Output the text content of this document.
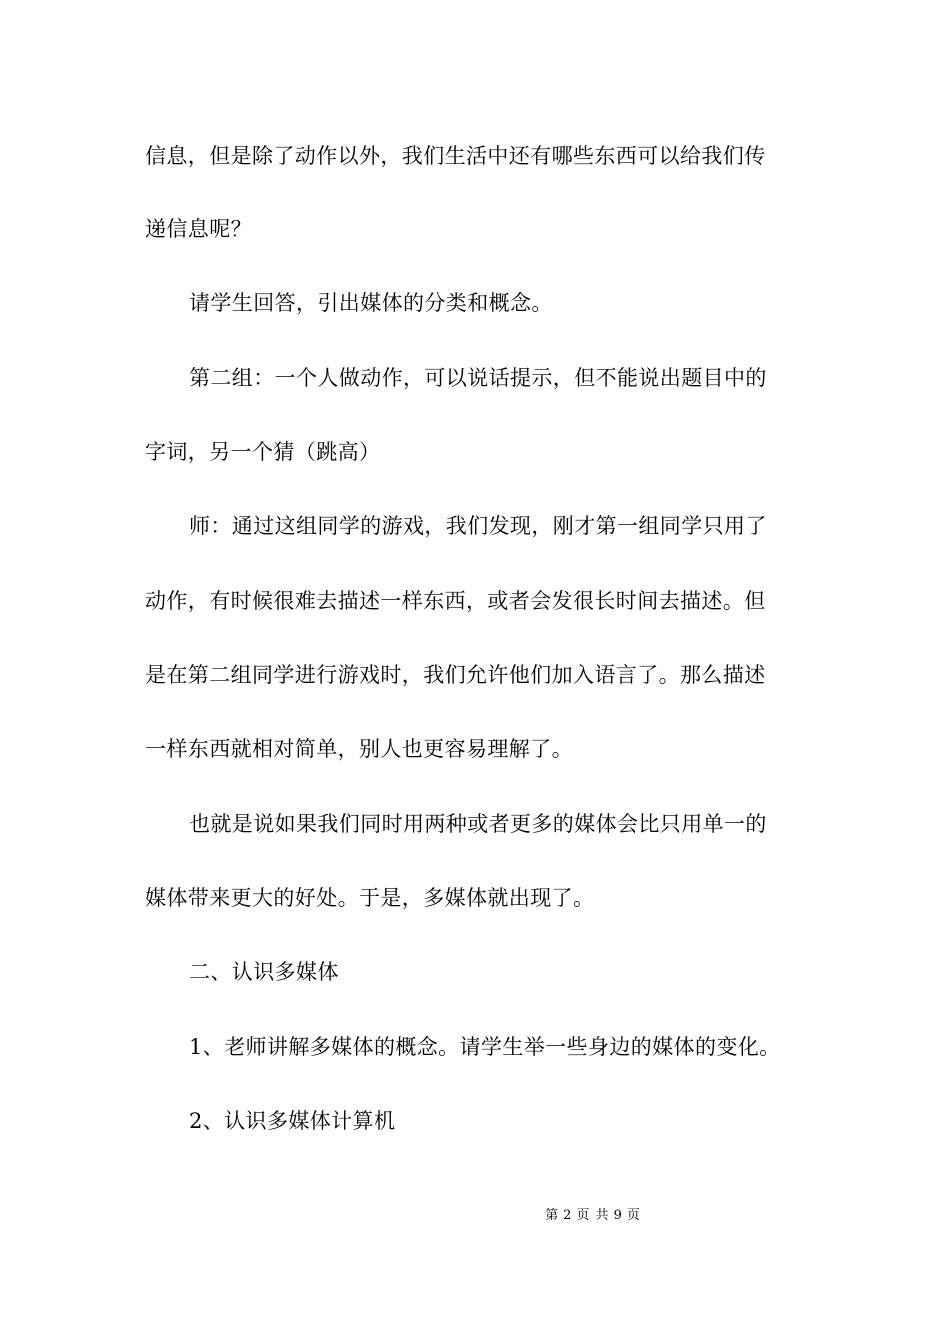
信息，但是除了动作以外，我们生活中还有哪些东西可以给我们传
递信息呢？
请学生回答，引出媒体的分类和概念。
第二组：一个人做动作，可以说话提示，但不能说出题目中的
字词，另一个猜（跳高）
师：通过这组同学的游戏，我们发现，刚才第一组同学只用了
动作，有时候很难去描述一样东西，或者会发很长时间去描述。但
是在第二组同学进行游戏时，我们允许他们加入语言了。那么描述
一样东西就相对简单，别人也更容易理解了。
也就是说如果我们同时用两种或者更多的媒体会比只用单一的
媒体带来更大的好处。于是，多媒体就出现了。
二、认识多媒体
1、老师讲解多媒体的概念。请学生举一些身边的媒体的变化。
2、认识多媒体计算机
第 2 页 共 9 页
